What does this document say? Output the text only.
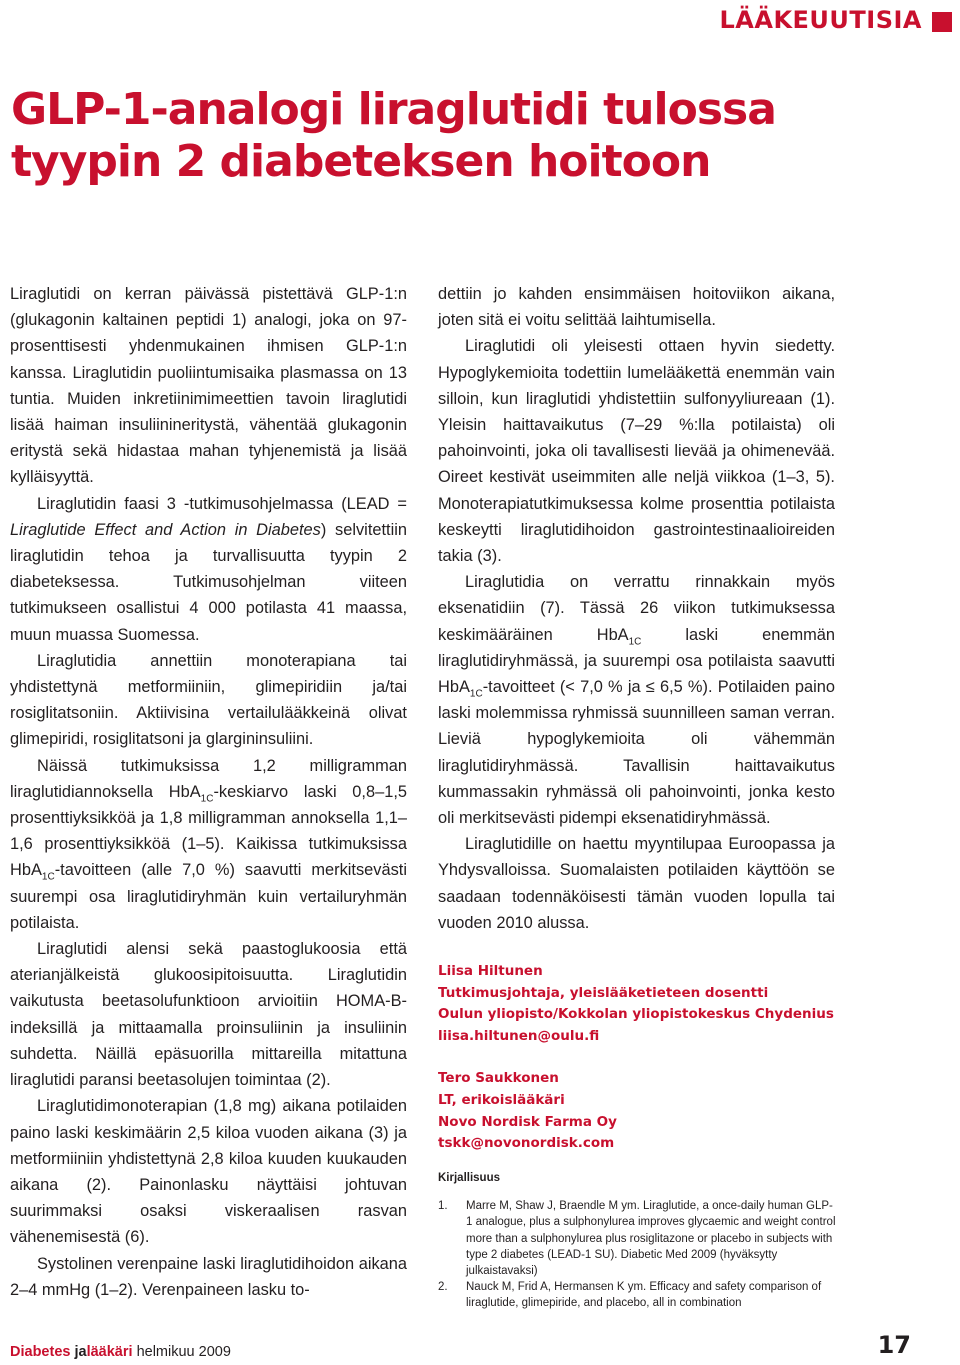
LÄÄKEUUTISIA
GLP-1-analogi liraglutidi tulossa
tyypin 2 diabeteksen hoitoon

Liraglutidi on kerran päivässä pistettävä GLP-1:n (glukagonin kaltainen peptidi 1) analogi, joka on 97-prosenttisesti yhdenmukainen ihmisen GLP-1:n kanssa. Liraglutidin puoliintumisaika plasmassa on 13 tuntia. Muiden inkretiinimimeettien tavoin liraglutidi lisää haiman insuliinineritystä, vähentää glukagonin eritystä sekä hidastaa mahan tyhjenemistä ja lisää kylläisyyttä.

Liraglutidin faasi 3 -tutkimusohjelmassa (LEAD = Liraglutide Effect and Action in Diabetes) selvitettiin liraglutidin tehoa ja turvallisuutta tyypin 2 diabeteksessa. Tutkimusohjelman viiteen tutkimukseen osallistui 4 000 potilasta 41 maassa, muun muassa Suomessa.

Liraglutidia annettiin monoterapiana tai yhdistettynä metformiiniin, glimepiridiin ja/tai rosiglitatsoniin. Aktiivisina vertailulääkkeinä olivat glimepiridi, rosiglitatsoni ja glargininsuliini.

Näissä tutkimuksissa 1,2 milligramman liraglutidiannoksella HbA$_{1C}$-keskiarvo laski 0,8–1,5 prosenttiyksikköä ja 1,8 milligramman annoksella 1,1–1,6 prosenttiyksikköä (1–5). Kaikissa tutkimuksissa HbA$_{1C}$-tavoitteen (alle 7,0 %) saavutti merkitsevästi suurempi osa liraglutidiryhmän kuin vertailuryhmän potilaista.

Liraglutidi alensi sekä paastoglukoosia että aterianjälkeistä glukoosipitoisuutta. Liraglutidin vaikutusta beetasolufunktioon arvioitiin HOMA-B-indeksillä ja mittaamalla proinsuliinin ja insuliinin suhdetta. Näillä epäsuorilla mittareilla mitattuna liraglutidi paransi beetasolujen toimintaa (2).

Liraglutidimonoterapian (1,8 mg) aikana potilaiden paino laski keskimäärin 2,5 kiloa vuoden aikana (3) ja metformiiniin yhdistettynä 2,8 kiloa kuuden kuukauden aikana (2). Painonlasku näyttäisi johtuvan suurimmaksi osaksi viskeraalisen rasvan vähenemisestä (6).

Systolinen verenpaine laski liraglutidihoidon aikana 2–4 mmHg (1–2). Verenpaineen lasku to-

dettiin jo kahden ensimmäisen hoitoviikon aikana, joten sitä ei voitu selittää laihtumisella.

Liraglutidi oli yleisesti ottaen hyvin siedetty. Hypoglykemioita todettiin lumelääkettä enemmän vain silloin, kun liraglutidi yhdistettiin sulfonyyliureaan (1). Yleisin haittavaikutus (7–29 %:lla potilaista) oli pahoinvointi, joka oli tavallisesti lievää ja ohimenevää. Oireet kestivät useimmiten alle neljä viikkoa (1–3, 5). Monoterapiatutkimuksessa kolme prosenttia potilaista keskeytti liraglutidihoidon gastrointestinaalioireiden takia (3).

Liraglutidia on verrattu rinnakkain myös eksenatidiin (7). Tässä 26 viikon tutkimuksessa keskimääräinen HbA$_{1C}$ laski enemmän liraglutidiryhmässä, ja suurempi osa potilaista saavutti HbA$_{1C}$-tavoitteet (< 7,0 % ja ≤ 6,5 %). Potilaiden paino laski molemmissa ryhmissä suunnilleen saman verran. Lieviä hypoglykemioita oli vähemmän liraglutidiryhmässä. Tavallisin haittavaikutus kummassakin ryhmässä oli pahoinvointi, jonka kesto oli merkitsevästi pidempi eksenatidiryhmässä.

Liraglutidille on haettu myyntilupaa Euroopassa ja Yhdysvalloissa. Suomalaisten potilaiden käyttöön se saadaan todennäköisesti tämän vuoden lopulla tai vuoden 2010 alussa.

Liisa Hiltunen
Tutkimusjohtaja, yleislääketieteen dosentti
Oulun yliopisto/Kokkolan yliopistokeskus Chydenius
liisa.hiltunen@oulu.fi
Tero Saukkonen
LT, erikoislääkäri
Novo Nordisk Farma Oy
tskk@novonordisk.com
Kirjallisuus
1.	Marre M, Shaw J, Braendle M ym. Liraglutide, a once-daily human GLP-1 analogue, plus a sulphonylurea improves glycaemic and weight control more than a sulphonylurea plus rosiglitazone or placebo in subjects with type 2 diabetes (LEAD-1 SU). Diabetic Med 2009 (hyväksytty julkaistavaksi)
2.	Nauck M, Frid A, Hermansen K ym. Efficacy and safety comparison of liraglutide, glimepiride, and placebo, all in combination
Diabetes jalääkäri helmikuu 2009	17
